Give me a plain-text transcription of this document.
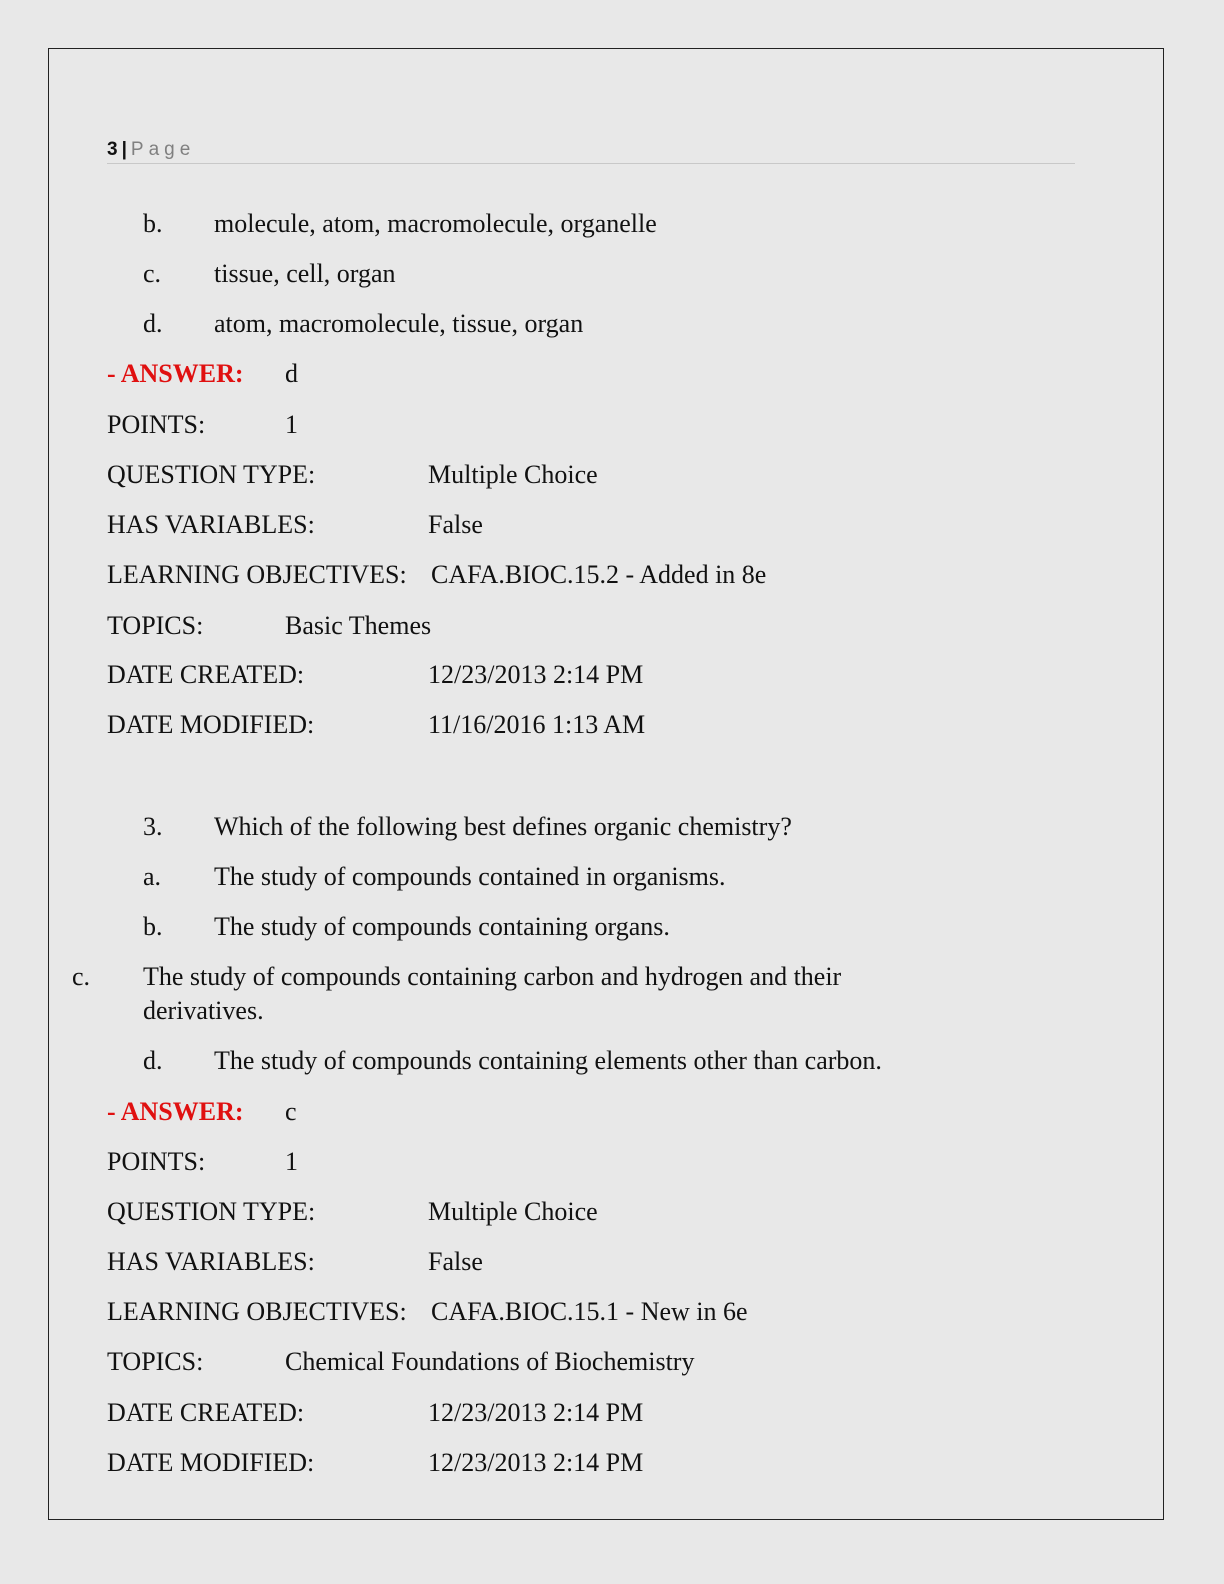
3 | Page
b. molecule, atom, macromolecule, organelle
c. tissue, cell, organ
d. atom, macromolecule, tissue, organ
- ANSWER: d
POINTS:	1
QUESTION TYPE:	Multiple Choice
HAS VARIABLES:	False
LEARNING OBJECTIVES: CAFA.BIOC.15.2 - Added in 8e
TOPICS:	Basic Themes
DATE CREATED:	12/23/2013 2:14 PM
DATE MODIFIED:	11/16/2016 1:13 AM
3. Which of the following best defines organic chemistry?
a. The study of compounds contained in organisms.
b. The study of compounds containing organs.
c. The study of compounds containing carbon and hydrogen and their derivatives.
d. The study of compounds containing elements other than carbon.
- ANSWER: c
POINTS:	1
QUESTION TYPE:	Multiple Choice
HAS VARIABLES:	False
LEARNING OBJECTIVES: CAFA.BIOC.15.1 - New in 6e
TOPICS:	Chemical Foundations of Biochemistry
DATE CREATED:	12/23/2013 2:14 PM
DATE MODIFIED:	12/23/2013 2:14 PM
